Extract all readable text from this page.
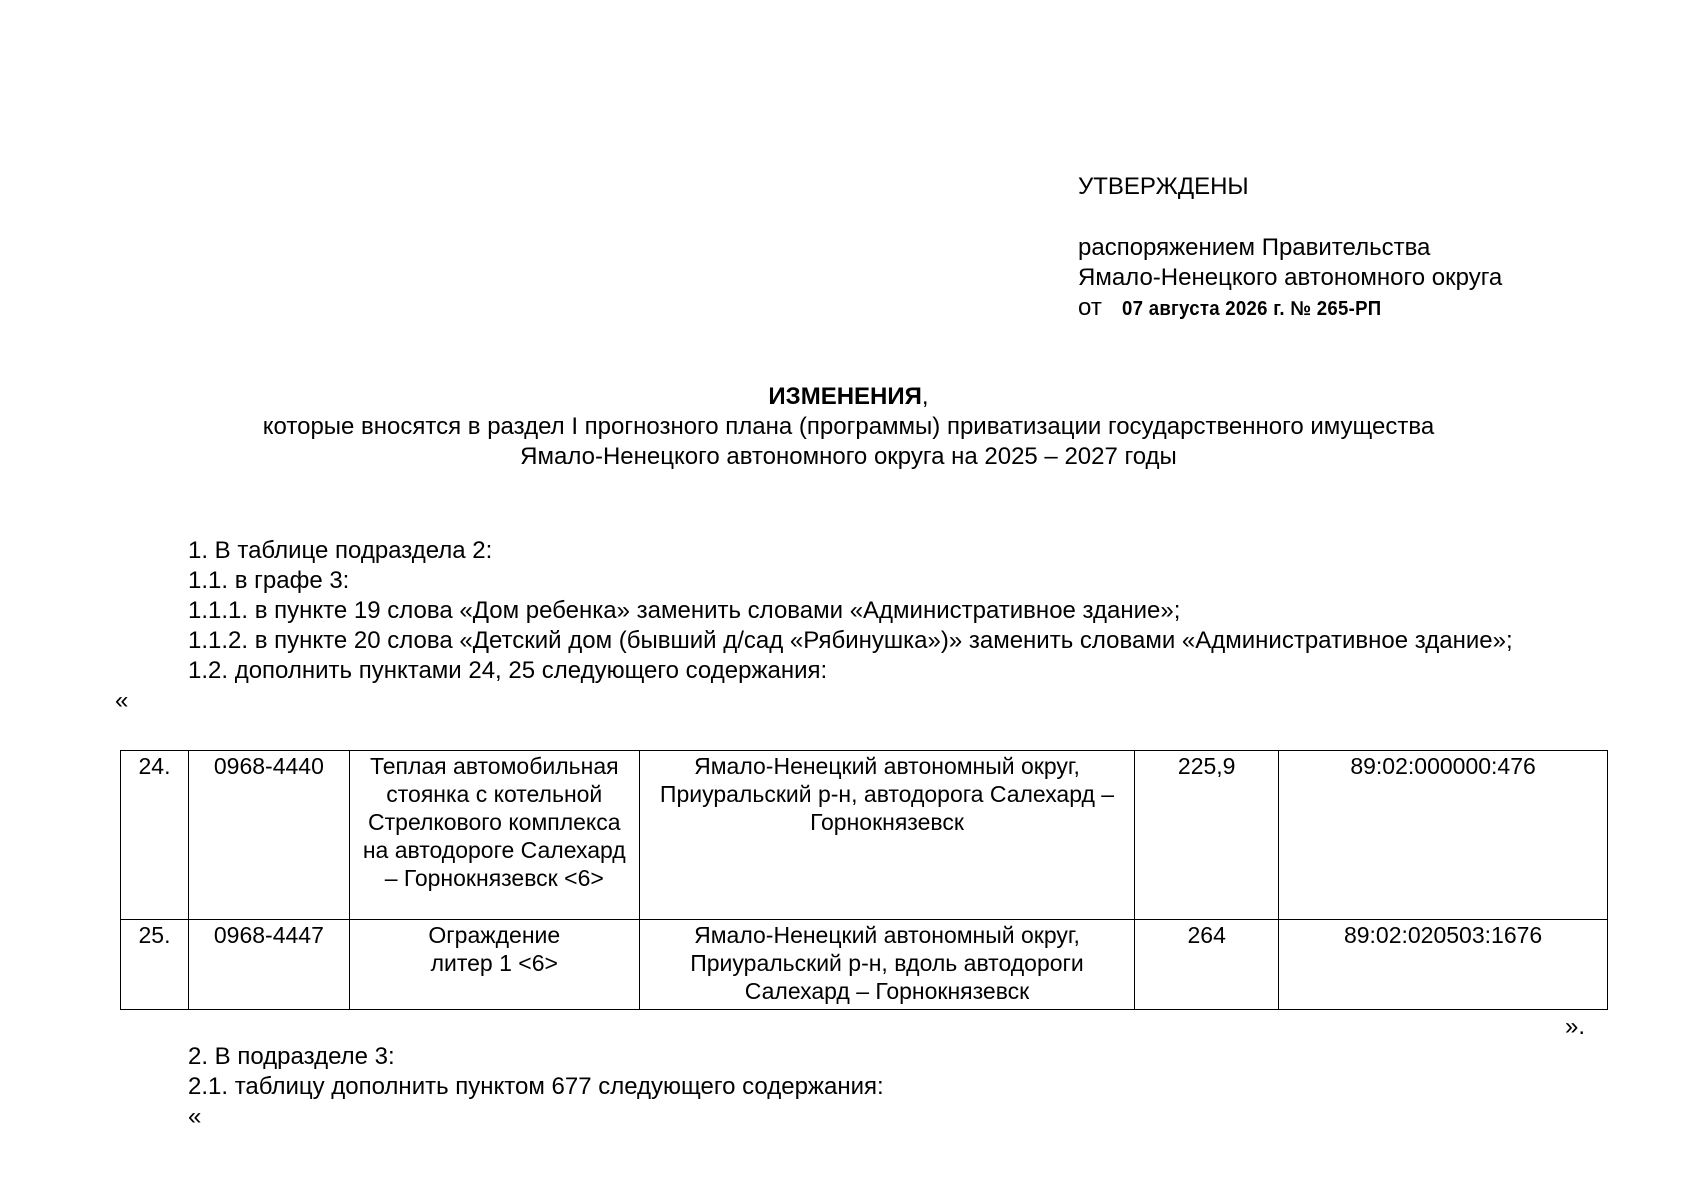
УТВЕРЖДЕНЫ
распоряжением Правительства
Ямало-Ненецкого автономного округа
от 07 августа 2026 г. № 265-РП
ИЗМЕНЕНИЯ,
которые вносятся в раздел I прогнозного плана (программы) приватизации государственного имущества
Ямало-Ненецкого автономного округа на 2025 – 2027 годы

1. В таблице подраздела 2:

1.1. в графе 3:

1.1.1. в пункте 19 слова «Дом ребенка» заменить словами «Административное здание»;

1.1.2. в пункте 20 слова «Детский дом (бывший д/сад «Рябинушка»)» заменить словами «Административное здание»;

1.2. дополнить пунктами 24, 25 следующего содержания:

«

24.	0968-4440	Теплая автомобильная стоянка с котельной Стрелкового комплекса на автодороге Салехард – Горнокнязевск <6>	Ямало-Ненецкий автономный округ, Приуральский р-н, автодорога Салехард – Горнокнязевск	225,9	89:02:000000:476
25.	0968-4447	Ограждение литер 1 <6>	Ямало-Ненецкий автономный округ, Приуральский р-н, вдоль автодороги Салехард – Горнокнязевск	264	89:02:020503:1676
».

2. В подразделе 3:

2.1. таблицу дополнить пунктом 677 следующего содержания:

«
